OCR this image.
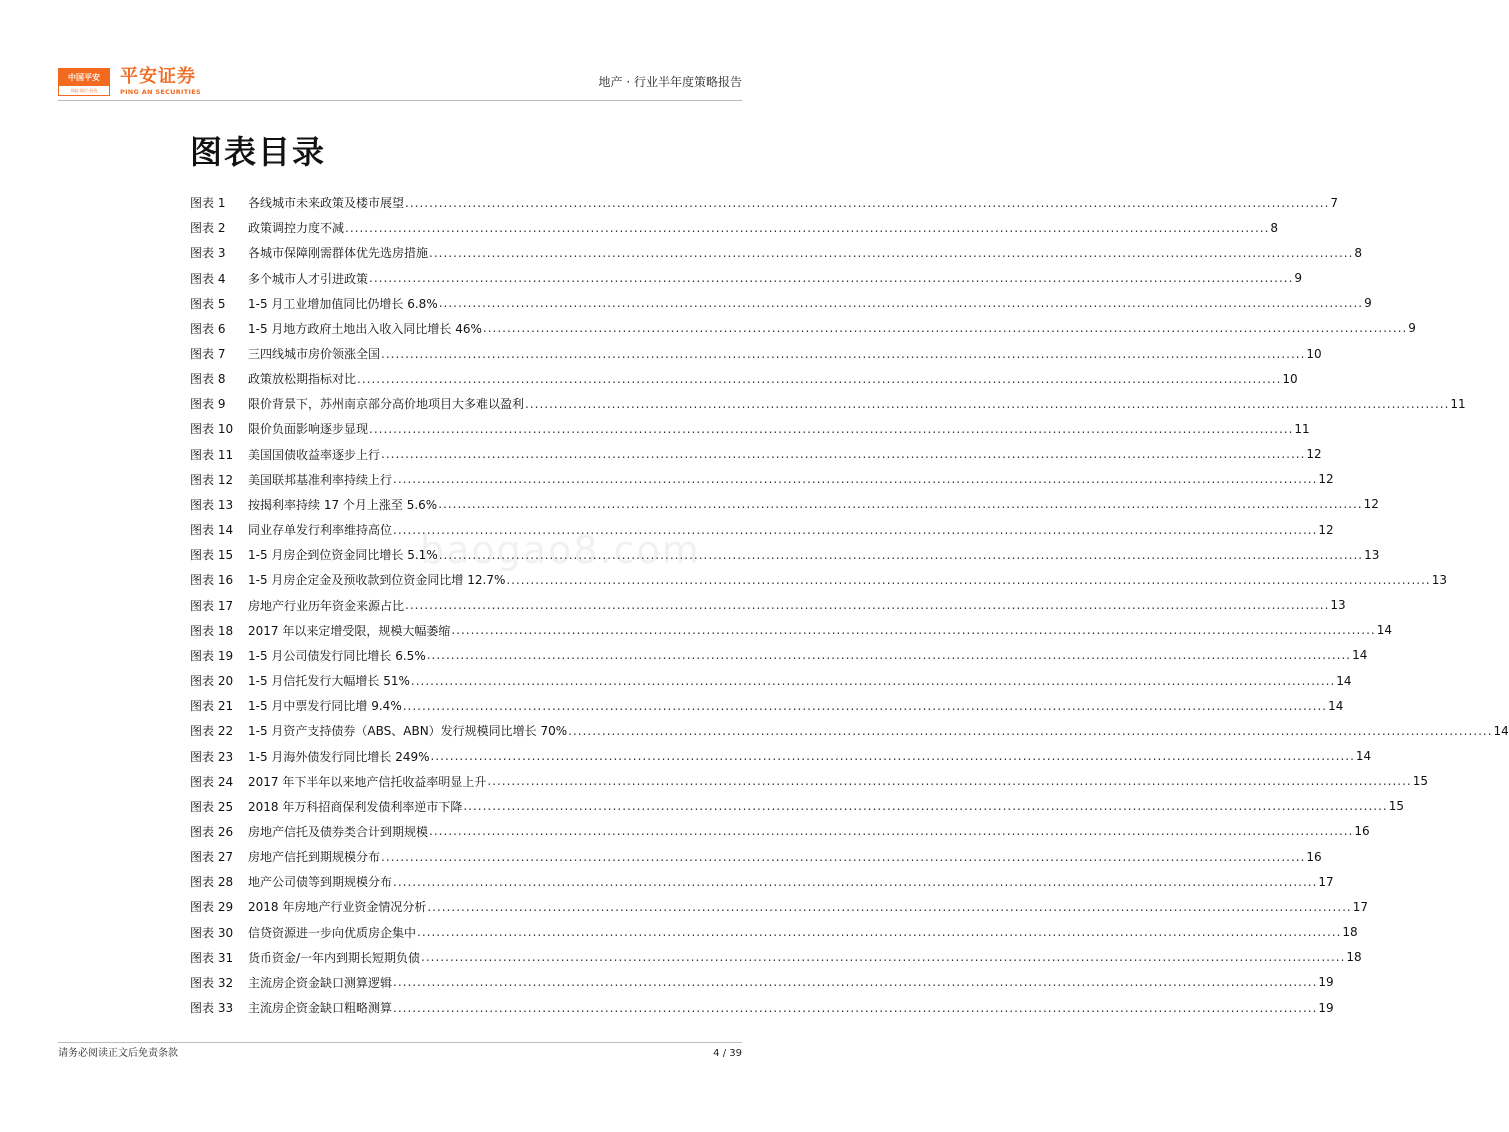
中国平安
保险·银行·投资
平安证券
PING AN SECURITIES
地产 · 行业半年度策略报告
图表目录
图表 1	各线城市未来政策及楼市展望 ................................................................................................................................................................................................ 7
图表 2	政策调控力度不减 ................................................................................................................................................................................................ 8
图表 3	各城市保障刚需群体优先选房措施 ................................................................................................................................................................................................ 8
图表 4	多个城市人才引进政策 ................................................................................................................................................................................................ 9
图表 5	1-5 月工业增加值同比仍增长 6.8% ................................................................................................................................................................................................ 9
图表 6	1-5 月地方政府土地出入收入同比增长 46% ................................................................................................................................................................................................ 9
图表 7	三四线城市房价领涨全国 ................................................................................................................................................................................................ 10
图表 8	政策放松期指标对比 ................................................................................................................................................................................................ 10
图表 9	限价背景下，苏州南京部分高价地项目大多难以盈利 ................................................................................................................................................................................................ 11
图表 10	限价负面影响逐步显现 ................................................................................................................................................................................................ 11
图表 11	美国国债收益率逐步上行 ................................................................................................................................................................................................ 12
图表 12	美国联邦基准利率持续上行 ................................................................................................................................................................................................ 12
图表 13	按揭利率持续 17 个月上涨至 5.6% ................................................................................................................................................................................................ 12
图表 14	同业存单发行利率维持高位 ................................................................................................................................................................................................ 12
图表 15	1-5 月房企到位资金同比增长 5.1% ................................................................................................................................................................................................ 13
图表 16	1-5 月房企定金及预收款到位资金同比增 12.7% ................................................................................................................................................................................................ 13
图表 17	房地产行业历年资金来源占比 ................................................................................................................................................................................................ 13
图表 18	2017 年以来定增受限，规模大幅萎缩 ................................................................................................................................................................................................ 14
图表 19	1-5 月公司债发行同比增长 6.5% ................................................................................................................................................................................................ 14
图表 20	1-5 月信托发行大幅增长 51% ................................................................................................................................................................................................ 14
图表 21	1-5 月中票发行同比增 9.4% ................................................................................................................................................................................................ 14
图表 22	1-5 月资产支持债券（ABS、ABN）发行规模同比增长 70% ................................................................................................................................................................................................ 14
图表 23	1-5 月海外债发行同比增长 249% ................................................................................................................................................................................................ 14
图表 24	2017 年下半年以来地产信托收益率明显上升 ................................................................................................................................................................................................ 15
图表 25	2018 年万科招商保利发债利率逆市下降 ................................................................................................................................................................................................ 15
图表 26	房地产信托及债券类合计到期规模 ................................................................................................................................................................................................ 16
图表 27	房地产信托到期规模分布 ................................................................................................................................................................................................ 16
图表 28	地产公司债等到期规模分布 ................................................................................................................................................................................................ 17
图表 29	2018 年房地产行业资金情况分析 ................................................................................................................................................................................................ 17
图表 30	信贷资源进一步向优质房企集中 ................................................................................................................................................................................................ 18
图表 31	货币资金/一年内到期长短期负债 ................................................................................................................................................................................................ 18
图表 32	主流房企资金缺口测算逻辑 ................................................................................................................................................................................................ 19
图表 33	主流房企资金缺口粗略测算 ................................................................................................................................................................................................ 19
baogao8.com
请务必阅读正文后免责条款	4 / 39
